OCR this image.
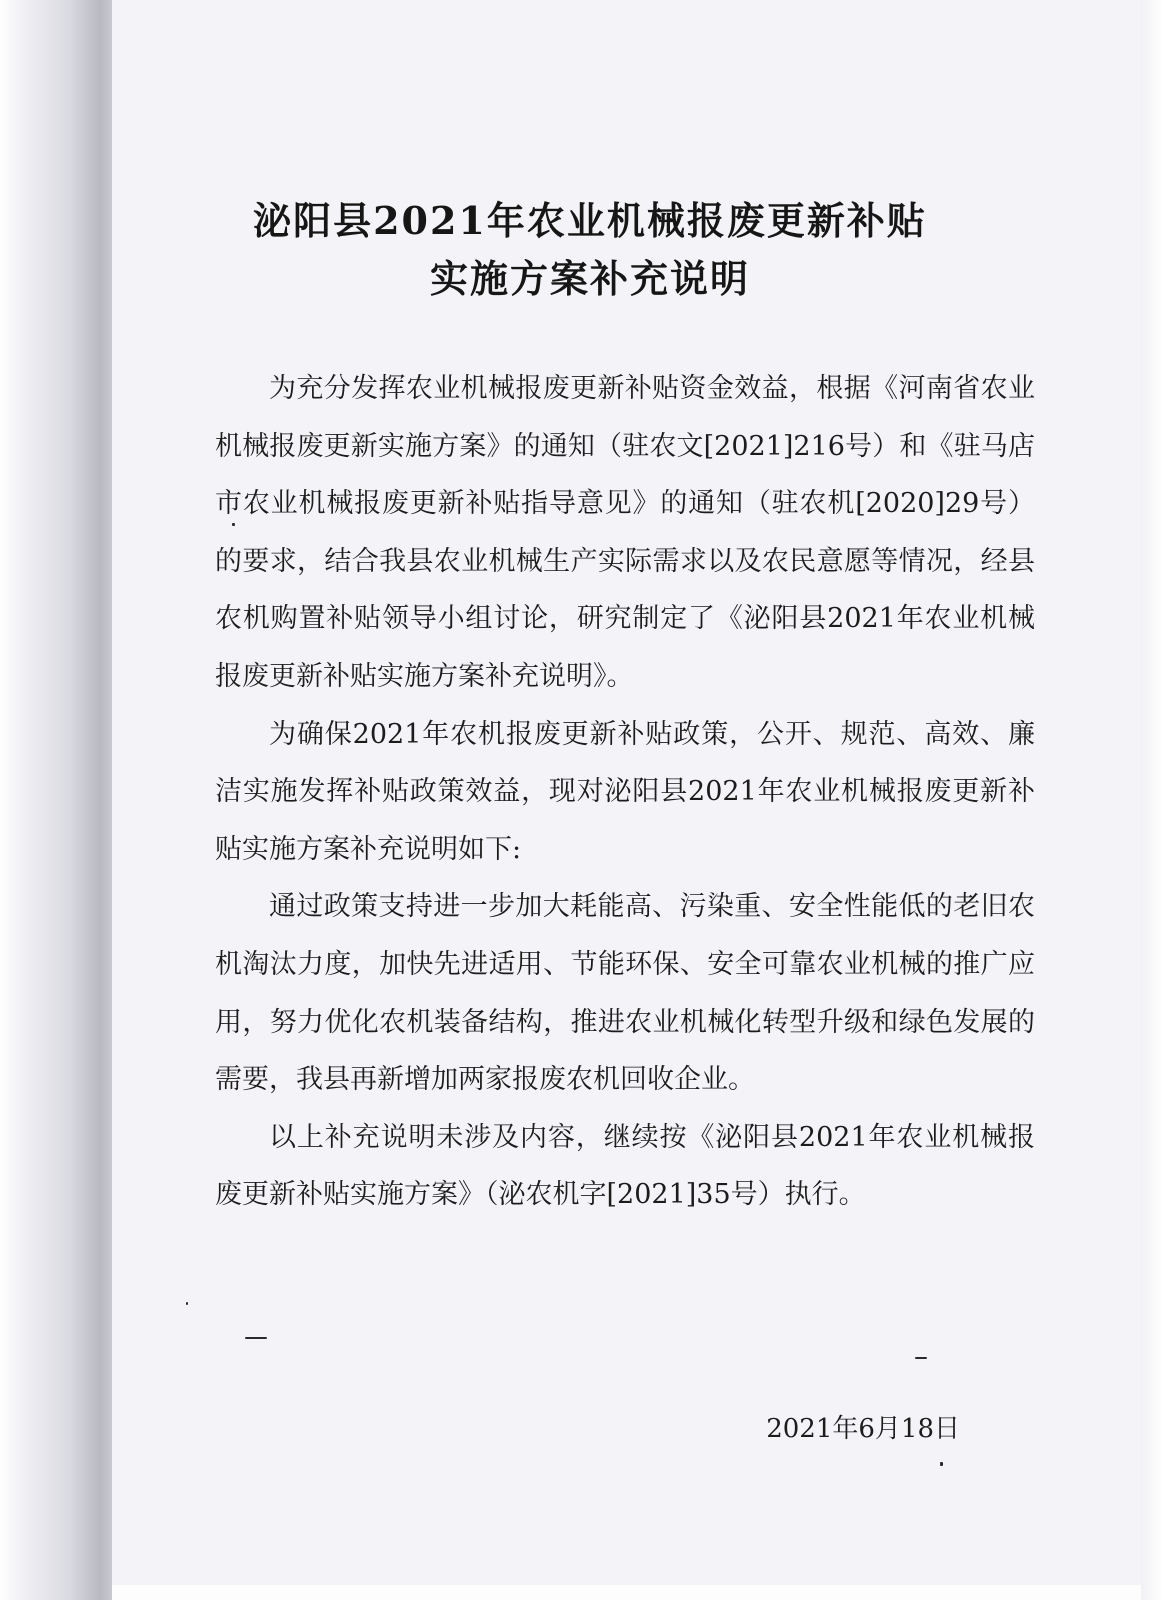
泌阳县2021年农业机械报废更新补贴
实施方案补充说明

为充分发挥农业机械报废更新补贴资金效益，根据《河南省农业机械报废更新实施方案》的通知（驻农文[2021]216号）和《驻马店市农业机械报废更新补贴指导意见》的通知（驻农机[2020]29号）的要求，结合我县农业机械生产实际需求以及农民意愿等情况，经县农机购置补贴领导小组讨论，研究制定了《泌阳县2021年农业机械报废更新补贴实施方案补充说明》。

为确保2021年农机报废更新补贴政策，公开、规范、高效、廉洁实施发挥补贴政策效益，现对泌阳县2021年农业机械报废更新补贴实施方案补充说明如下:

通过政策支持进一步加大耗能高、污染重、安全性能低的老旧农机淘汰力度，加快先进适用、节能环保、安全可靠农业机械的推广应用，努力优化农机装备结构，推进农业机械化转型升级和绿色发展的需要，我县再新增加两家报废农机回收企业。

以上补充说明未涉及内容，继续按《泌阳县2021年农业机械报废更新补贴实施方案》（泌农机字[2021]35号）执行。

2021年6月18日
